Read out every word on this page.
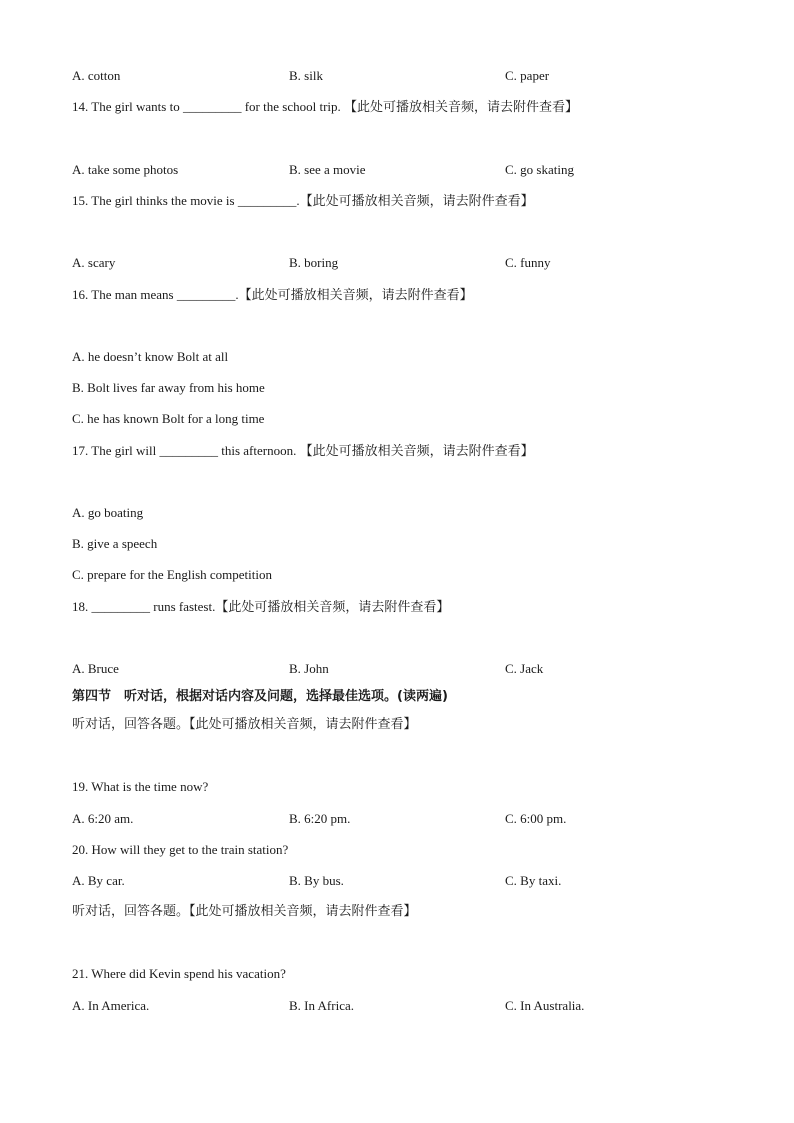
A. cotton	B. silk	C. paper
14. The girl wants to _________ for the school trip. 【此处可播放相关音频，请去附件查看】
A. take some photos	B. see a movie	C. go skating
15. The girl thinks the movie is _________.【此处可播放相关音频，请去附件查看】
A. scary	B. boring	C. funny
16. The man means _________.【此处可播放相关音频，请去附件查看】
A. he doesn’t know Bolt at all
B. Bolt lives far away from his home
C. he has known Bolt for a long time
17. The girl will _________ this afternoon. 【此处可播放相关音频，请去附件查看】
A. go boating
B. give a speech
C. prepare for the English competition
18. _________ runs fastest.【此处可播放相关音频，请去附件查看】
A. Bruce	B. John	C. Jack
第四节　听对话，根据对话内容及问题，选择最佳选项。(读两遍)
听对话，回答各题。【此处可播放相关音频，请去附件查看】
19. What is the time now?
A. 6:20 am.	B. 6:20 pm.	C. 6:00 pm.
20. How will they get to the train station?
A. By car.	B. By bus.	C. By taxi.
听对话，回答各题。【此处可播放相关音频，请去附件查看】
21. Where did Kevin spend his vacation?
A. In America.	B. In Africa.	C. In Australia.
